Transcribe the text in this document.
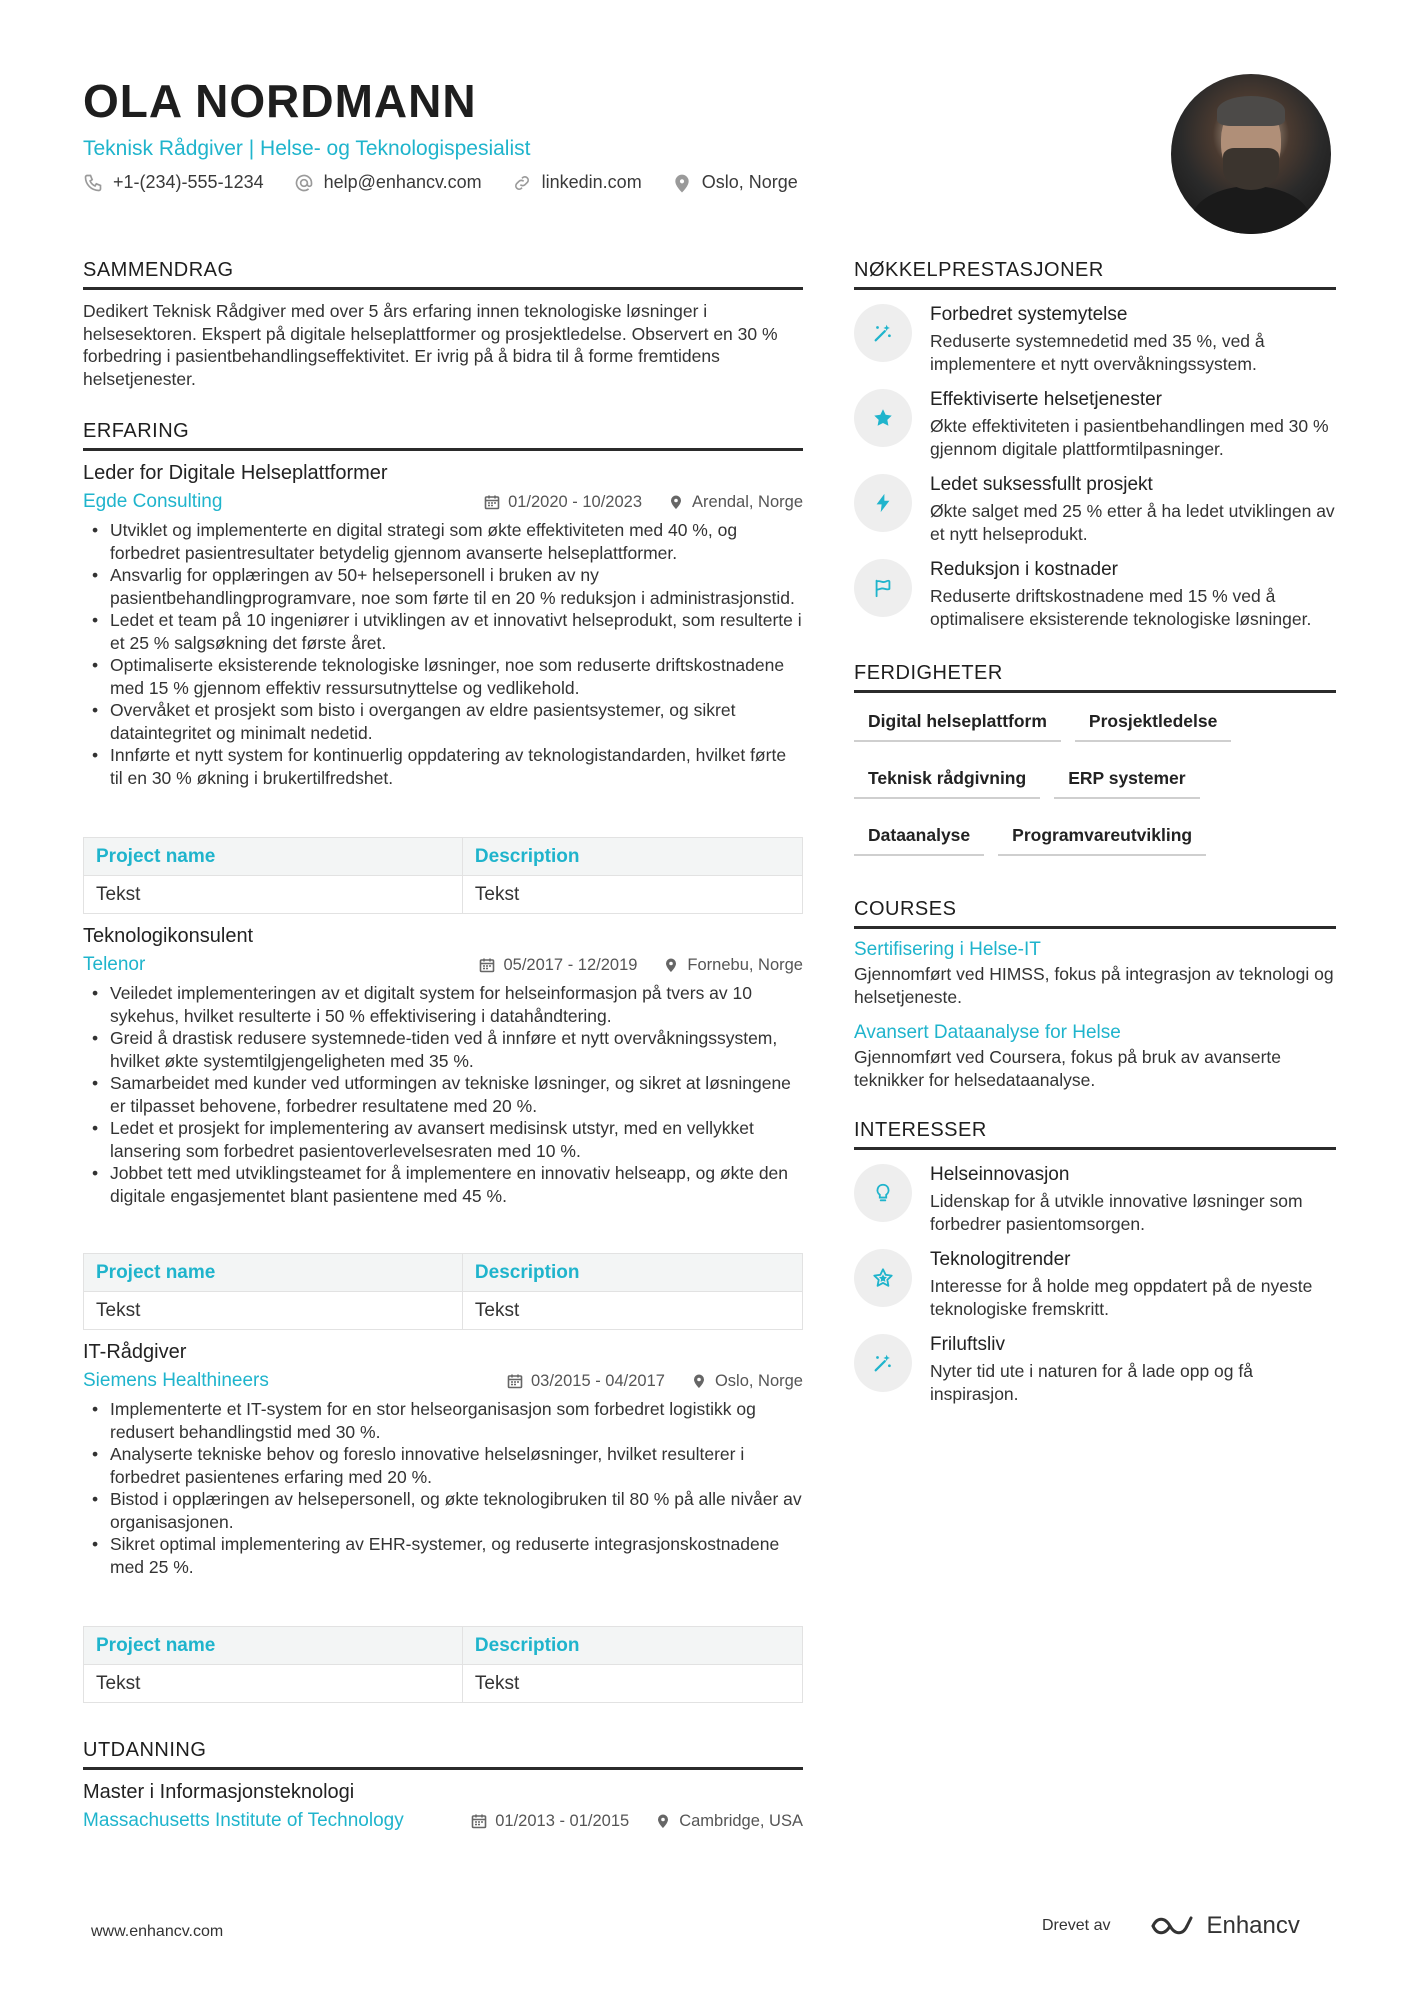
OLA NORDMANN
Teknisk Rådgiver | Helse- og Teknologispesialist
+1-(234)-555-1234	help@enhancv.com	linkedin.com	Oslo, Norge
SAMMENDRAG
Dedikert Teknisk Rådgiver med over 5 års erfaring innen teknologiske løsninger i helsesektoren. Ekspert på digitale helseplattformer og prosjektledelse. Observert en 30 % forbedring i pasientbehandlingseffektivitet. Er ivrig på å bidra til å forme fremtidens helsetjenester.
ERFARING
Leder for Digitale Helseplattformer
Egde Consulting	01/2020 - 10/2023	Arendal, Norge
• Utviklet og implementerte en digital strategi som økte effektiviteten med 40 %, og forbedret pasientresultater betydelig gjennom avanserte helseplattformer.
• Ansvarlig for opplæringen av 50+ helsepersonell i bruken av ny pasientbehandlingprogramvare, noe som førte til en 20 % reduksjon i administrasjonstid.
• Ledet et team på 10 ingeniører i utviklingen av et innovativt helseprodukt, som resulterte i et 25 % salgsøkning det første året.
• Optimaliserte eksisterende teknologiske løsninger, noe som reduserte driftskostnadene med 15 % gjennom effektiv ressursutnyttelse og vedlikehold.
• Overvåket et prosjekt som bisto i overgangen av eldre pasientsystemer, og sikret dataintegritet og minimalt nedetid.
• Innførte et nytt system for kontinuerlig oppdatering av teknologistandarden, hvilket førte til en 30 % økning i brukertilfredshet.
Project name	Description
Tekst	Tekst
Teknologikonsulent
Telenor	05/2017 - 12/2019	Fornebu, Norge
• Veiledet implementeringen av et digitalt system for helseinformasjon på tvers av 10 sykehus, hvilket resulterte i 50 % effektivisering i datahåndtering.
• Greid å drastisk redusere systemnede-tiden ved å innføre et nytt overvåkningssystem, hvilket økte systemtilgjengeligheten med 35 %.
• Samarbeidet med kunder ved utformingen av tekniske løsninger, og sikret at løsningene er tilpasset behovene, forbedrer resultatene med 20 %.
• Ledet et prosjekt for implementering av avansert medisinsk utstyr, med en vellykket lansering som forbedret pasientoverlevelsesraten med 10 %.
• Jobbet tett med utviklingsteamet for å implementere en innovativ helseapp, og økte den digitale engasjementet blant pasientene med 45 %.
Project name	Description
Tekst	Tekst
IT-Rådgiver
Siemens Healthineers	03/2015 - 04/2017	Oslo, Norge
• Implementerte et IT-system for en stor helseorganisasjon som forbedret logistikk og redusert behandlingstid med 30 %.
• Analyserte tekniske behov og foreslo innovative helseløsninger, hvilket resulterer i forbedret pasientenes erfaring med 20 %.
• Bistod i opplæringen av helsepersonell, og økte teknologibruken til 80 % på alle nivåer av organisasjonen.
• Sikret optimal implementering av EHR-systemer, og reduserte integrasjonskostnadene med 25 %.
Project name	Description
Tekst	Tekst
UTDANNING
Master i Informasjonsteknologi
Massachusetts Institute of Technology	01/2013 - 01/2015	Cambridge, USA
NØKKELPRESTASJONER
Forbedret systemytelse
Reduserte systemnedetid med 35 %, ved å implementere et nytt overvåkningssystem.
Effektiviserte helsetjenester
Økte effektiviteten i pasientbehandlingen med 30 % gjennom digitale plattformtilpasninger.
Ledet suksessfullt prosjekt
Økte salget med 25 % etter å ha ledet utviklingen av et nytt helseprodukt.
Reduksjon i kostnader
Reduserte driftskostnadene med 15 % ved å optimalisere eksisterende teknologiske løsninger.
FERDIGHETER
Digital helseplattform	Prosjektledelse
Teknisk rådgivning	ERP systemer
Dataanalyse	Programvareutvikling
COURSES
Sertifisering i Helse-IT
Gjennomført ved HIMSS, fokus på integrasjon av teknologi og helsetjeneste.
Avansert Dataanalyse for Helse
Gjennomført ved Coursera, fokus på bruk av avanserte teknikker for helsedataanalyse.
INTERESSER
Helseinnovasjon
Lidenskap for å utvikle innovative løsninger som forbedrer pasientomsorgen.
Teknologitrender
Interesse for å holde meg oppdatert på de nyeste teknologiske fremskritt.
Friluftsliv
Nyter tid ute i naturen for å lade opp og få inspirasjon.
www.enhancv.com	Drevet av	Enhancv
